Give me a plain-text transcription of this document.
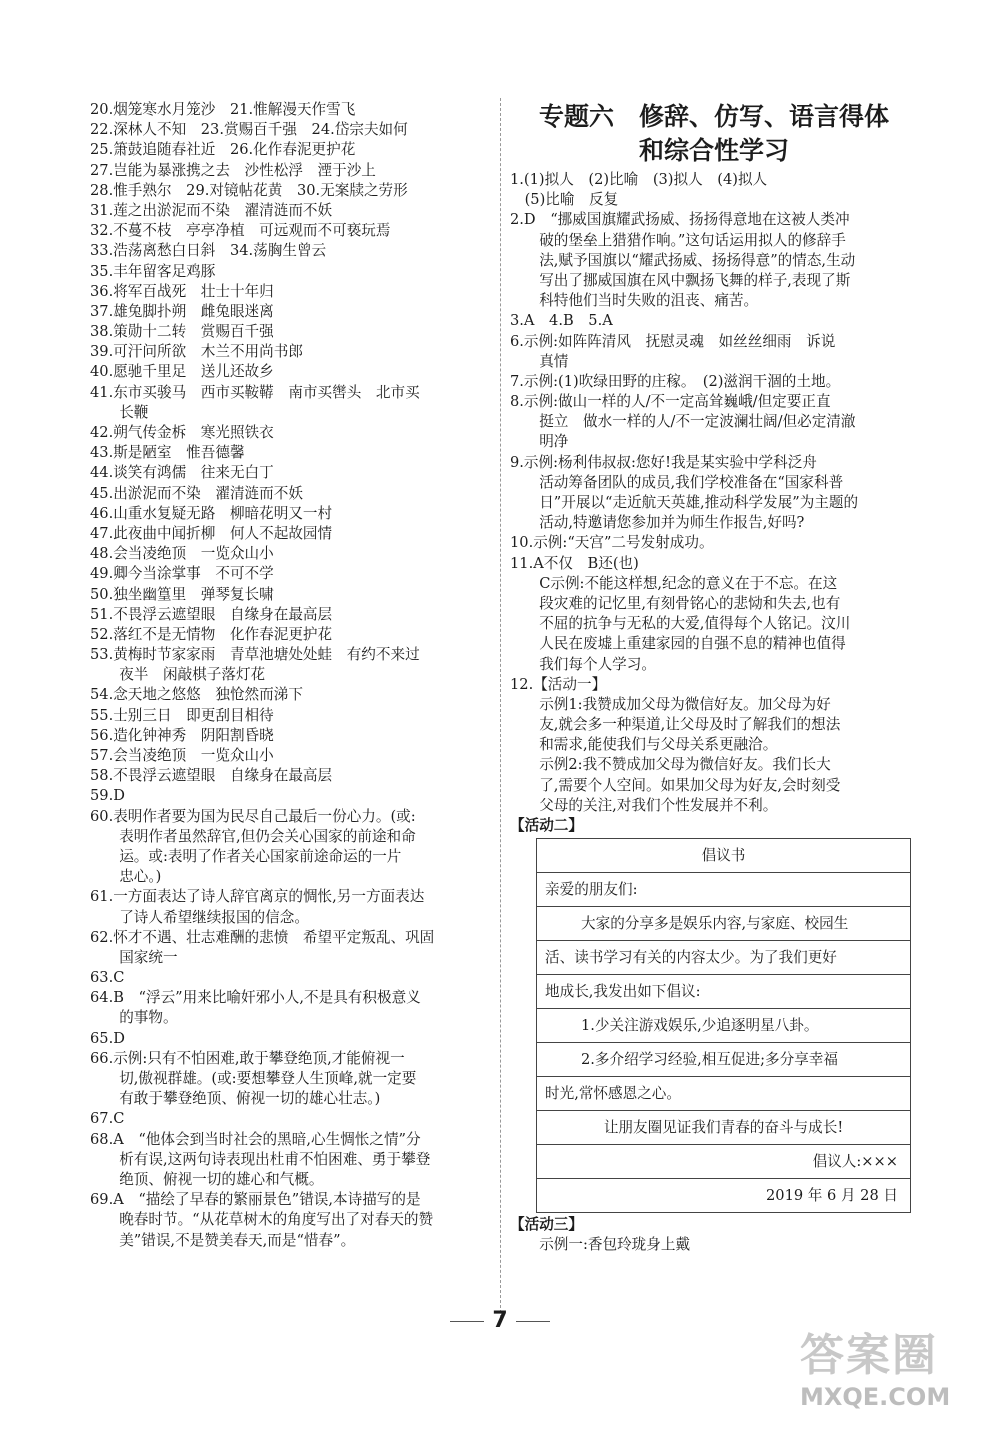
20.烟笼寒水月笼沙　21.惟解漫天作雪飞
22.深林人不知　23.赏赐百千强　24.岱宗夫如何
25.箫鼓追随春社近　26.化作春泥更护花
27.岂能为暴涨携之去　沙性松浮　湮于沙上
28.惟手熟尔　29.对镜帖花黄　30.无案牍之劳形
31.莲之出淤泥而不染　濯清涟而不妖
32.不蔓不枝　亭亭净植　可远观而不可亵玩焉
33.浩荡离愁白日斜　34.荡胸生曾云
35.丰年留客足鸡豚
36.将军百战死　壮士十年归
37.雄兔脚扑朔　雌兔眼迷离
38.策勋十二转　赏赐百千强
39.可汗问所欲　木兰不用尚书郎
40.愿驰千里足　送儿还故乡
41.东市买骏马　西市买鞍鞯　南市买辔头　北市买
　　长鞭
42.朔气传金柝　寒光照铁衣
43.斯是陋室　惟吾德馨
44.谈笑有鸿儒　往来无白丁
45.出淤泥而不染　濯清涟而不妖
46.山重水复疑无路　柳暗花明又一村
47.此夜曲中闻折柳　何人不起故园情
48.会当凌绝顶　一览众山小
49.卿今当涂掌事　不可不学
50.独坐幽篁里　弹琴复长啸
51.不畏浮云遮望眼　自缘身在最高层
52.落红不是无情物　化作春泥更护花
53.黄梅时节家家雨　青草池塘处处蛙　有约不来过
　　夜半　闲敲棋子落灯花
54.念天地之悠悠　独怆然而涕下
55.士别三日　即更刮目相待
56.造化钟神秀　阴阳割昏晓
57.会当凌绝顶　一览众山小
58.不畏浮云遮望眼　自缘身在最高层
59.D
60.表明作者要为国为民尽自己最后一份心力。(或:
　　表明作者虽然辞官,但仍会关心国家的前途和命
　　运。或:表明了作者关心国家前途命运的一片
　　忠心。)
61.一方面表达了诗人辞官离京的惆怅,另一方面表达
　　了诗人希望继续报国的信念。
62.怀才不遇、壮志难酬的悲愤　希望平定叛乱、巩固
　　国家统一
63.C
64.B　“浮云”用来比喻奸邪小人,不是具有积极意义
　　的事物。
65.D
66.示例:只有不怕困难,敢于攀登绝顶,才能俯视一
　　切,傲视群雄。(或:要想攀登人生顶峰,就一定要
　　有敢于攀登绝顶、俯视一切的雄心壮志。)
67.C
68.A　“他体会到当时社会的黑暗,心生惆怅之情”分
　　析有误,这两句诗表现出杜甫不怕困难、勇于攀登
　　绝顶、俯视一切的雄心和气概。
69.A　“描绘了早春的繁丽景色”错误,本诗描写的是
　　晚春时节。“从花草树木的角度写出了对春天的赞
　　美”错误,不是赞美春天,而是“惜春”。
专题六　修辞、仿写、语言得体
和综合性学习
1.(1)拟人　(2)比喻　(3)拟人　(4)拟人
　(5)比喻　反复
2.D　“挪威国旗耀武扬威、扬扬得意地在这被人类冲
　　破的堡垒上猎猎作响。”这句话运用拟人的修辞手
　　法,赋予国旗以“耀武扬威、扬扬得意”的情态,生动
　　写出了挪威国旗在风中飘扬飞舞的样子,表现了斯
　　科特他们当时失败的沮丧、痛苦。
3.A　4.B　5.A
6.示例:如阵阵清风　抚慰灵魂　如丝丝细雨　诉说
　　真情
7.示例:(1)吹绿田野的庄稼。　(2)滋润干涸的土地。
8.示例:做山一样的人/不一定高耸巍峨/但定要正直
　　挺立　做水一样的人/不一定波澜壮阔/但必定清澈
　　明净
9.示例:杨利伟叔叔:您好!我是某实验中学科泛舟
　　活动筹备团队的成员,我们学校准备在“国家科普
　　日”开展以“走近航天英雄,推动科学发展”为主题的
　　活动,特邀请您参加并为师生作报告,好吗?
10.示例:“天宫”二号发射成功。
11.A不仅　B还(也)
　　C示例:不能这样想,纪念的意义在于不忘。在这
　　段灾难的记忆里,有刻骨铭心的悲恸和失去,也有
　　不屈的抗争与无私的大爱,值得每个人铭记。汶川
　　人民在废墟上重建家园的自强不息的精神也值得
　　我们每个人学习。
12.【活动一】
　　示例1:我赞成加父母为微信好友。加父母为好
　　友,就会多一种渠道,让父母及时了解我们的想法
　　和需求,能使我们与父母关系更融洽。
　　示例2:我不赞成加父母为微信好友。我们长大
　　了,需要个人空间。如果加父母为好友,会时刻受
　　父母的关注,对我们个性发展并不利。
【活动二】
倡议书
亲爱的朋友们:
大家的分享多是娱乐内容,与家庭、校园生
活、读书学习有关的内容太少。为了我们更好
地成长,我发出如下倡议:
1.少关注游戏娱乐,少追逐明星八卦。
2.多介绍学习经验,相互促进;多分享幸福
时光,常怀感恩之心。
让朋友圈见证我们青春的奋斗与成长!
倡议人:×××
2019 年 6 月 28 日
【活动三】
　　示例一:香包玲珑身上戴
7
答案圈
MXQE.COM
